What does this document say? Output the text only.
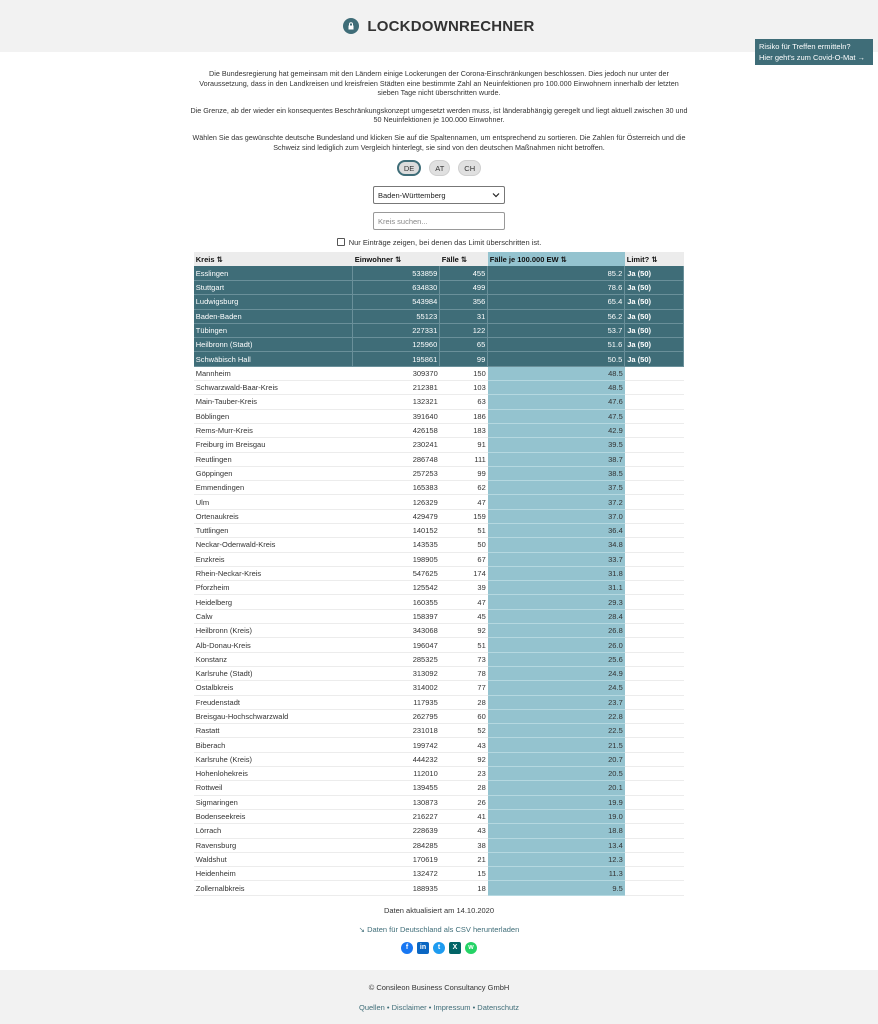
LOCKDOWNRECHNER
Risiko für Treffen ermitteln?
Hier geht's zum Covid-O-Mat →

Die Bundesregierung hat gemeinsam mit den Ländern einige Lockerungen der Corona-Einschränkungen beschlossen. Dies jedoch nur unter der Voraussetzung, dass in den Landkreisen und kreisfreien Städten eine bestimmte Zahl an Neuinfektionen pro 100.000 Einwohnern innerhalb der letzten sieben Tage nicht überschritten wurde.

Die Grenze, ab der wieder ein konsequentes Beschränkungskonzept umgesetzt werden muss, ist länderabhängig geregelt und liegt aktuell zwischen 30 und 50 Neuinfektionen je 100.000 Einwohner.

Wählen Sie das gewünschte deutsche Bundesland und klicken Sie auf die Spaltennamen, um entsprechend zu sortieren. Die Zahlen für Österreich und die Schweiz sind lediglich zum Vergleich hinterlegt, sie sind von den deutschen Maßnahmen nicht betroffen.

DE	AT	CH
Baden-Württemberg
Kreis suchen...
Nur Einträge zeigen, bei denen das Limit überschritten ist.
Kreis ⇅	Einwohner ⇅	Fälle ⇅	Fälle je 100.000 EW ⇅	Limit? ⇅
Esslingen	533859	455	85.2	Ja (50)
Stuttgart	634830	499	78.6	Ja (50)
Ludwigsburg	543984	356	65.4	Ja (50)
Baden-Baden	55123	31	56.2	Ja (50)
Tübingen	227331	122	53.7	Ja (50)
Heilbronn (Stadt)	125960	65	51.6	Ja (50)
Schwäbisch Hall	195861	99	50.5	Ja (50)
Mannheim	309370	150	48.5	
Schwarzwald-Baar-Kreis	212381	103	48.5	
Main-Tauber-Kreis	132321	63	47.6	
Böblingen	391640	186	47.5	
Rems-Murr-Kreis	426158	183	42.9	
Freiburg im Breisgau	230241	91	39.5	
Reutlingen	286748	111	38.7	
Göppingen	257253	99	38.5	
Emmendingen	165383	62	37.5	
Ulm	126329	47	37.2	
Ortenaukreis	429479	159	37.0	
Tuttlingen	140152	51	36.4	
Neckar-Odenwald-Kreis	143535	50	34.8	
Enzkreis	198905	67	33.7	
Rhein-Neckar-Kreis	547625	174	31.8	
Pforzheim	125542	39	31.1	
Heidelberg	160355	47	29.3	
Calw	158397	45	28.4	
Heilbronn (Kreis)	343068	92	26.8	
Alb-Donau-Kreis	196047	51	26.0	
Konstanz	285325	73	25.6	
Karlsruhe (Stadt)	313092	78	24.9	
Ostalbkreis	314002	77	24.5	
Freudenstadt	117935	28	23.7	
Breisgau-Hochschwarzwald	262795	60	22.8	
Rastatt	231018	52	22.5	
Biberach	199742	43	21.5	
Karlsruhe (Kreis)	444232	92	20.7	
Hohenlohekreis	112010	23	20.5	
Rottweil	139455	28	20.1	
Sigmaringen	130873	26	19.9	
Bodenseekreis	216227	41	19.0	
Lörrach	228639	43	18.8	
Ravensburg	284285	38	13.4	
Waldshut	170619	21	12.3	
Heidenheim	132472	15	11.3	
Zollernalbkreis	188935	18	9.5	
Daten aktualisiert am 14.10.2020
↘ Daten für Deutschland als CSV herunterladen
f	in	t	X	w
© Consileon Business Consultancy GmbH
Quellen • Disclaimer • Impressum • Datenschutz
